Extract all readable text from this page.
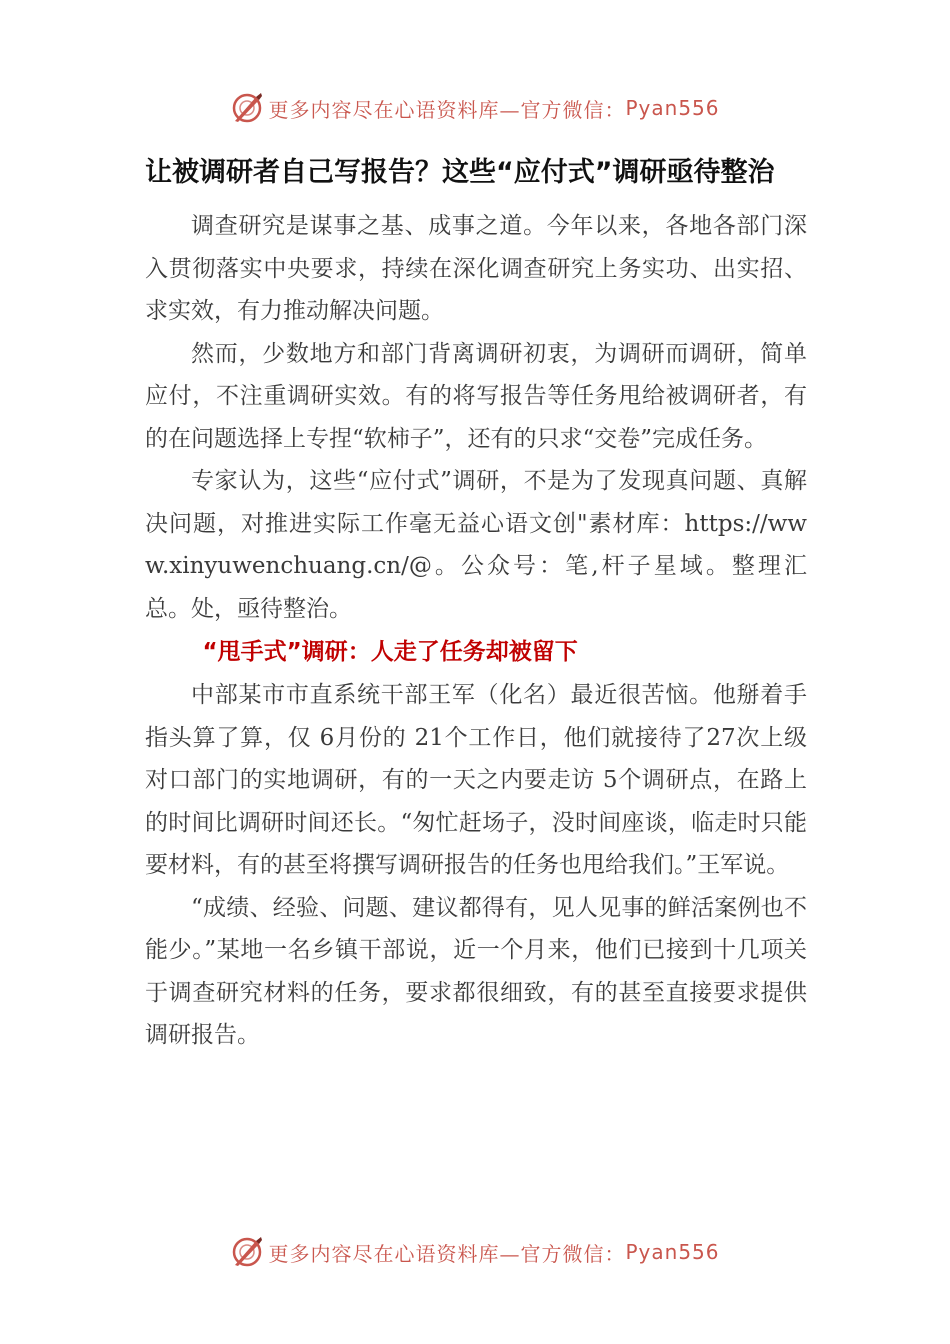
更多内容尽在心语资料库—官方微信： Pyan556
让被调研者自己写报告？这些“应付式”调研亟待整治

调查研究是谋事之基、成事之道。今年以来，各地各部门深入贯彻落实中央要求，持续在深化调查研究上务实功、出实招、求实效，有力推动解决问题。

然而，少数地方和部门背离调研初衷，为调研而调研，简单应付，不注重调研实效。有的将写报告等任务甩给被调研者，有的在问题选择上专捏“软柿子”，还有的只求“交卷”完成任务。

专家认为，这些“应付式”调研，不是为了发现真问题、真解决问题，对推进实际工作毫无益心语文创"素材库：https://www.xinyuwenchuang.cn/@。公众号：笔,杆子星域。整理汇总。处，亟待整治。

“甩手式”调研：人走了任务却被留下

中部某市市直系统干部王军（化名）最近很苦恼。他掰着手指头算了算，仅 6月份的 21个工作日，他们就接待了27次上级对口部门的实地调研，有的一天之内要走访 5个调研点，在路上的时间比调研时间还长。“匆忙赶场子，没时间座谈，临走时只能要材料，有的甚至将撰写调研报告的任务也甩给我们。”王军说。

“成绩、经验、问题、建议都得有，见人见事的鲜活案例也不能少。”某地一名乡镇干部说，近一个月来，他们已接到十几项关于调查研究材料的任务，要求都很细致，有的甚至直接要求提供调研报告。

更多内容尽在心语资料库—官方微信： Pyan556
